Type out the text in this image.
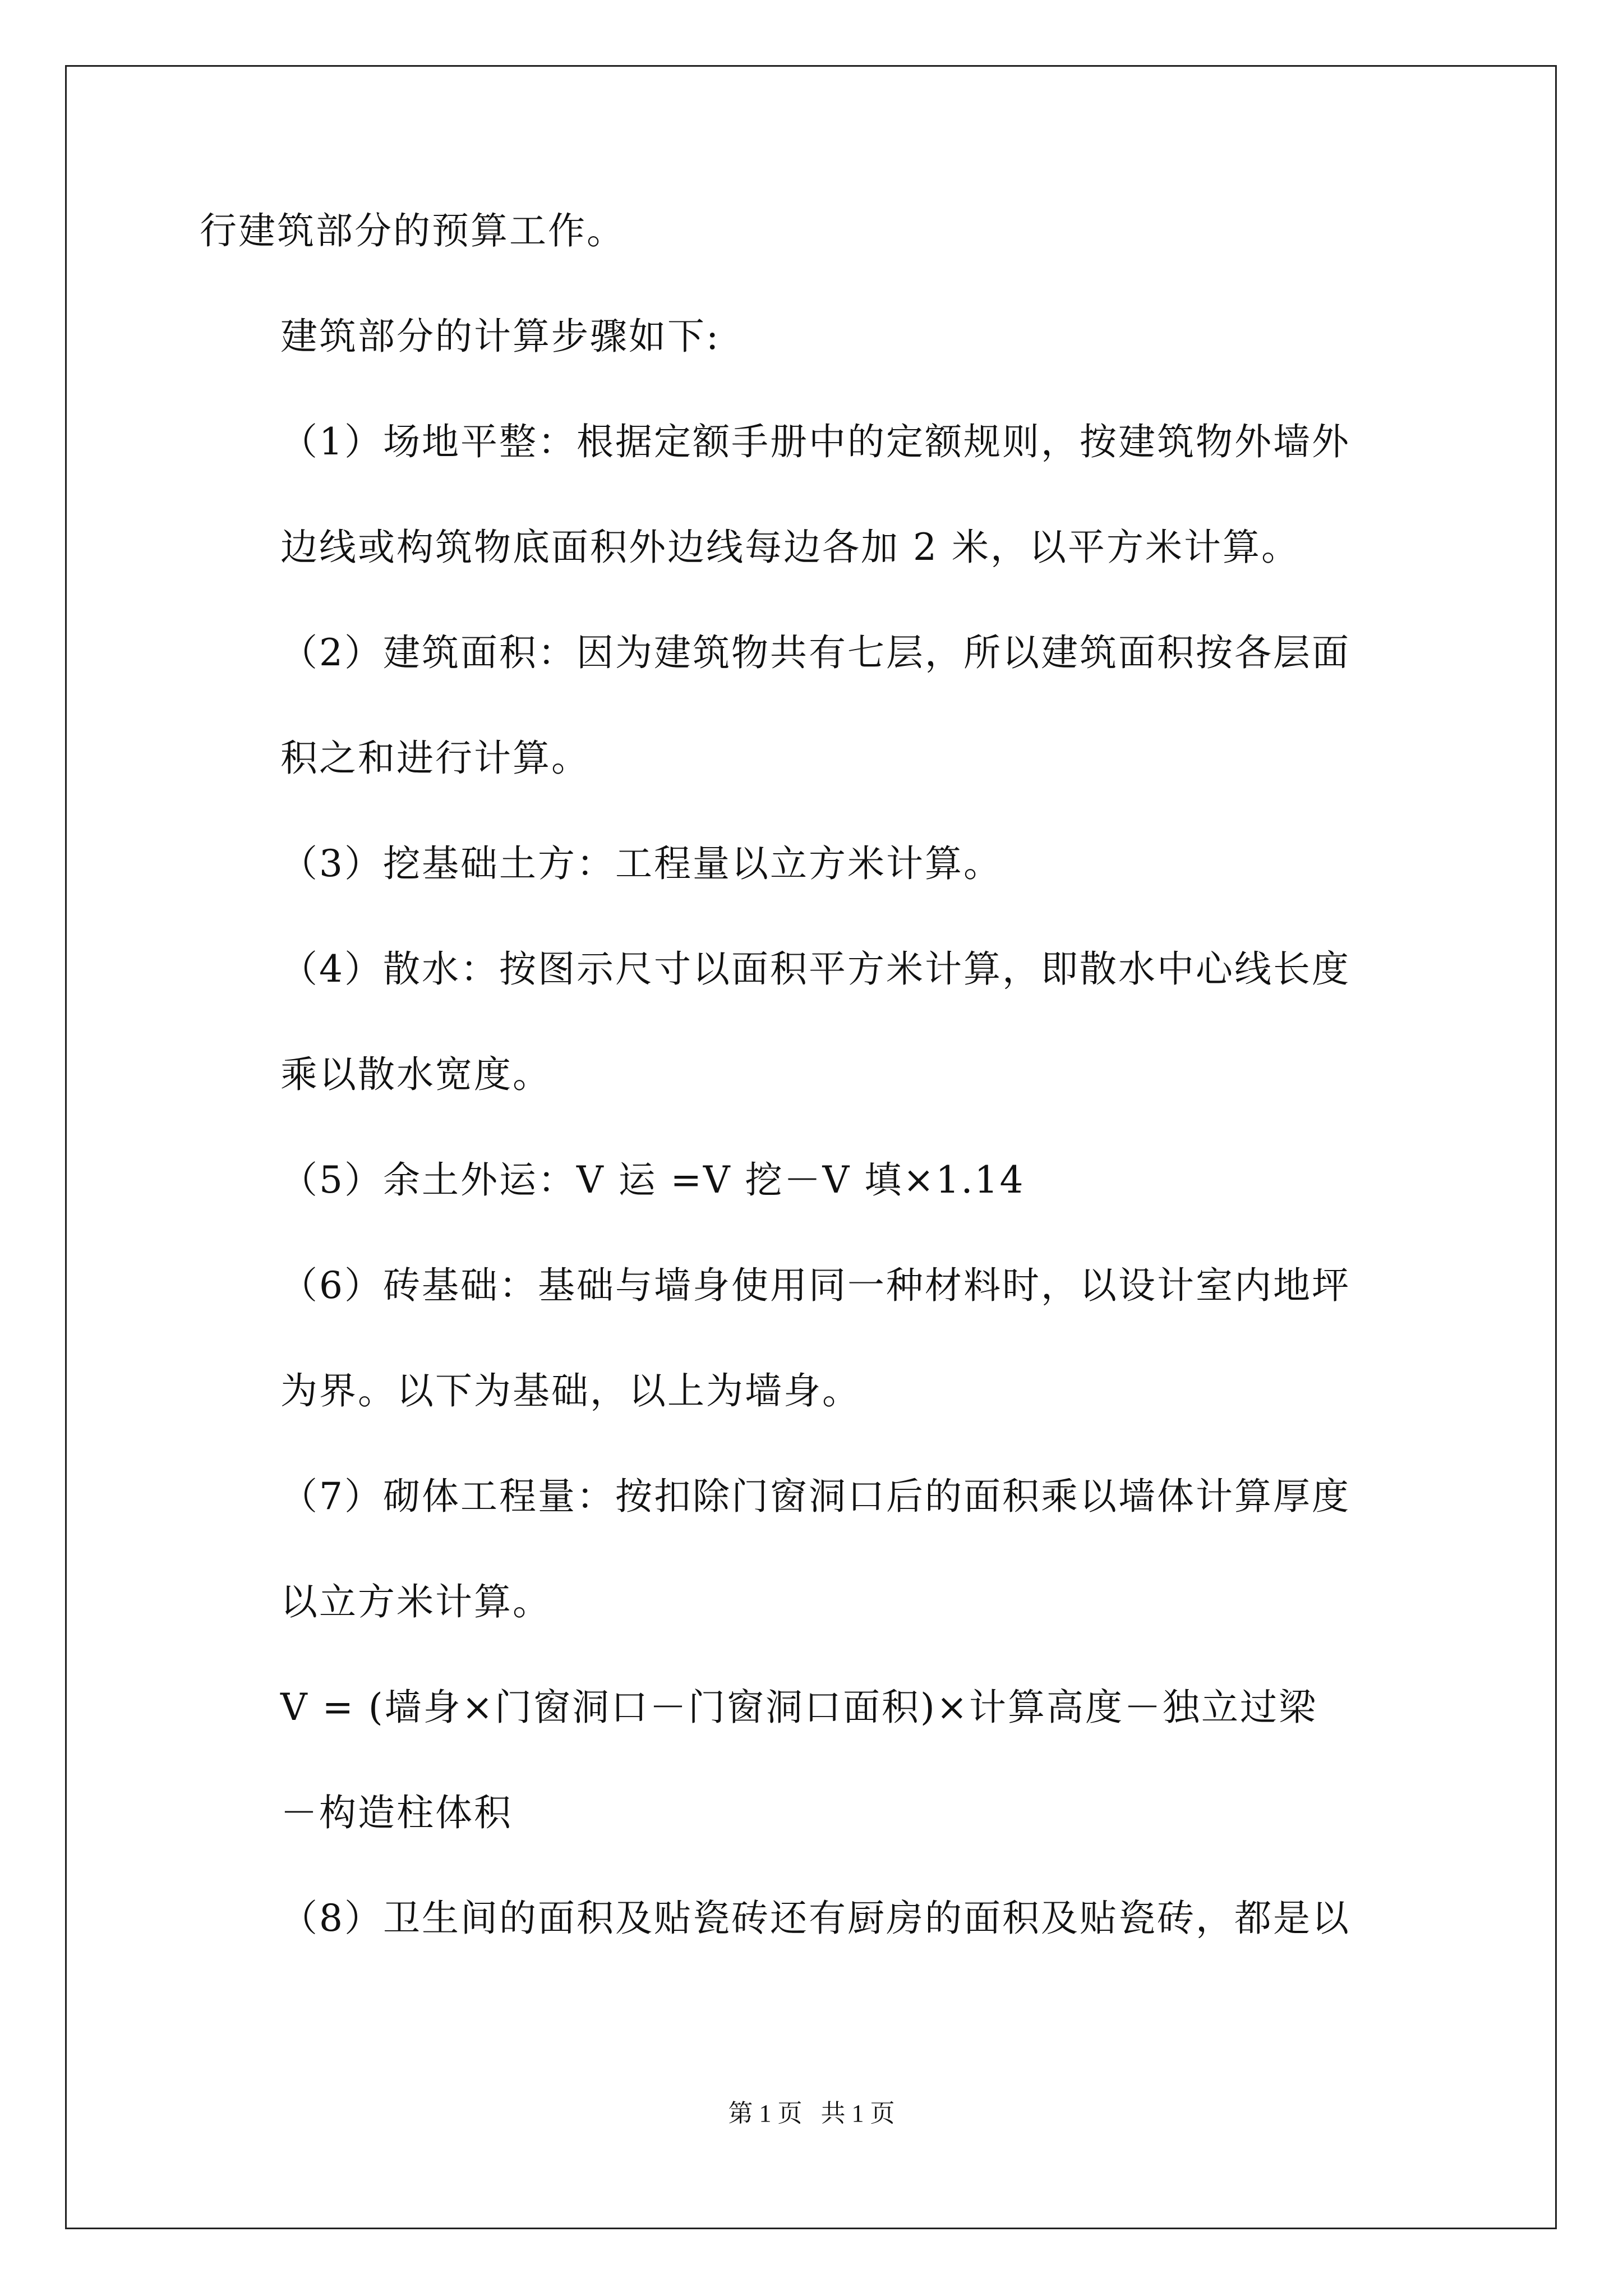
行建筑部分的预算工作。
建筑部分的计算步骤如下:
（1）场地平整：根据定额手册中的定额规则，按建筑物外墙外
边线或构筑物底面积外边线每边各加 2 米，以平方米计算。
（2）建筑面积：因为建筑物共有七层，所以建筑面积按各层面
积之和进行计算。
（3）挖基础土方：工程量以立方米计算。
（4）散水：按图示尺寸以面积平方米计算，即散水中心线长度
乘以散水宽度。
（5）余土外运：V 运 =V 挖－V 填×1.14
（6）砖基础：基础与墙身使用同一种材料时，以设计室内地坪
为界。以下为基础，以上为墙身。
（7）砌体工程量：按扣除门窗洞口后的面积乘以墙体计算厚度
以立方米计算。
V = (墙身×门窗洞口－门窗洞口面积)×计算高度－独立过梁
－构造柱体积
（8）卫生间的面积及贴瓷砖还有厨房的面积及贴瓷砖，都是以
第 1 页   共 1 页
